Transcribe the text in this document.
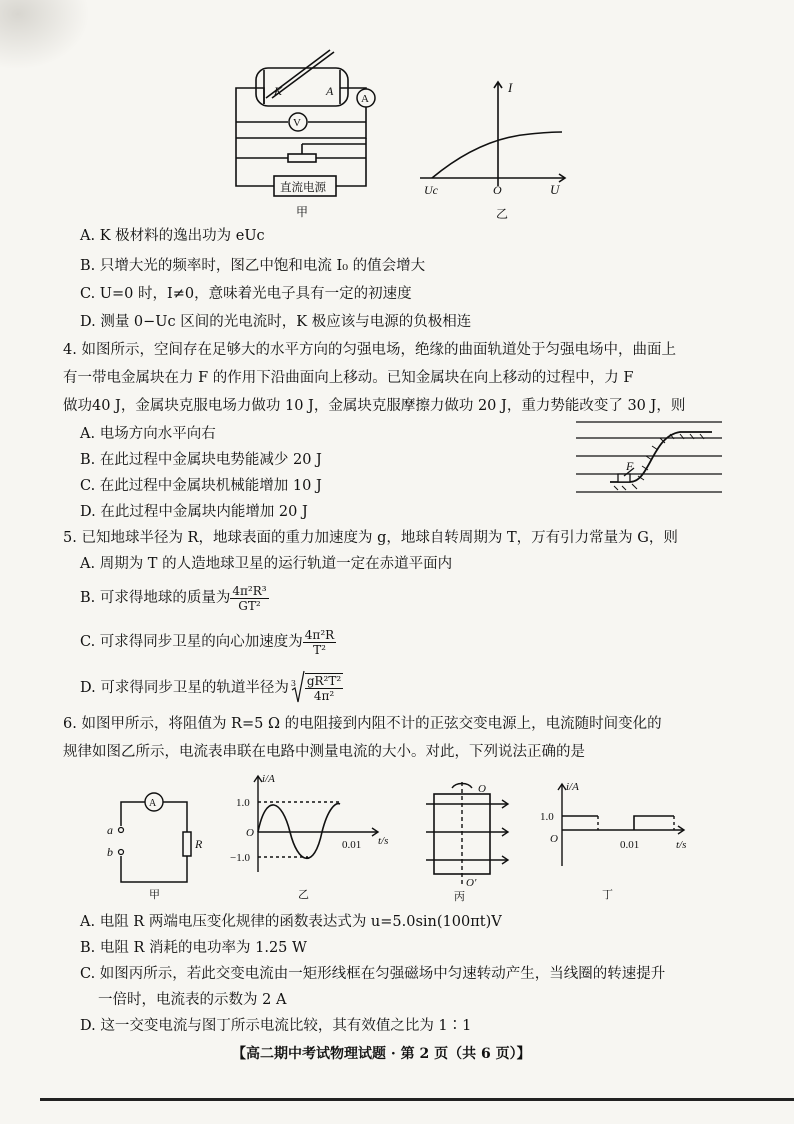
K	A
A
V
直流电源
甲
I
U
O
Uc
乙
A. K 极材料的逸出功为 eUc
B. 只增大光的频率时，图乙中饱和电流 I₀ 的值会增大
C. U=0 时，I≠0，意味着光电子具有一定的初速度
D. 测量 0−Uc 区间的光电流时，K 极应该与电源的负极相连
4. 如图所示，空间存在足够大的水平方向的匀强电场，绝缘的曲面轨道处于匀强电场中，曲面上
有一带电金属块在力 F 的作用下沿曲面向上移动。已知金属块在向上移动的过程中，力 F
做功40 J，金属块克服电场力做功 10 J，金属块克服摩擦力做功 20 J，重力势能改变了 30 J，则
A. 电场方向水平向右
B. 在此过程中金属块电势能减少 20 J
C. 在此过程中金属块机械能增加 10 J
D. 在此过程中金属块内能增加 20 J
F
5. 已知地球半径为 R，地球表面的重力加速度为 g，地球自转周期为 T，万有引力常量为 G，则
A. 周期为 T 的人造地球卫星的运行轨道一定在赤道平面内
B. 可求得地球的质量为 $\frac{\text{4π²R³}}{\text{GT²}}$
C. 可求得同步卫星的向心加速度为 $\frac{\text{4π²R}}{\text{T²}}$
D. 可求得同步卫星的轨道半径为 $3 \frac{\text{gR²T²}}{\text{4π²}}$
6. 如图甲所示，将阻值为 R=5 Ω 的电阻接到内阻不计的正弦交变电源上，电流随时间变化的
规律如图乙所示，电流表串联在电路中测量电流的大小。对此，下列说法正确的是
A
a
b
R
甲
i/A
1.0
−1.0
O
0.01 t/s
乙
O
O′
丙
i/A
1.0
O	0.01	t/s
丁
A. 电阻 R 两端电压变化规律的函数表达式为 u=5.0sin(100πt)V
B. 电阻 R 消耗的电功率为 1.25 W
C. 如图丙所示，若此交变电流由一矩形线框在匀强磁场中匀速转动产生，当线圈的转速提升
一倍时，电流表的示数为 2 A
D. 这一交变电流与图丁所示电流比较，其有效值之比为 1∶1
【高二期中考试物理试题 · 第 2 页（共 6 页）】
